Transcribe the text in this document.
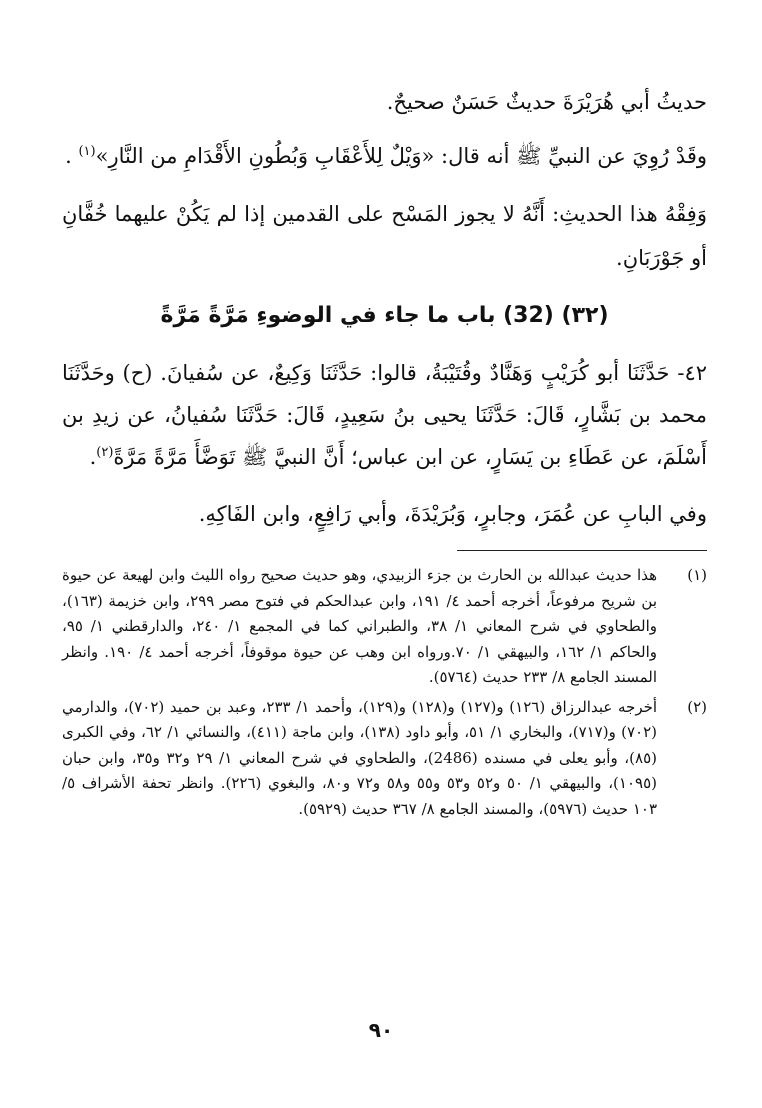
حديثُ أبي هُرَيْرَةَ حديثٌ حَسَنٌ صحيحٌ.

وقَدْ رُوِيَ عن النبيِّ ﷺ أنه قال: «وَيْلٌ لِلأَعْقَابِ وَبُطُونِ الأَقْدَامِ من النَّارِ»$^{(١)}$ .

وَفِقْهُ هذا الحديثِ: أَنَّهُ لا يجوز المَسْح على القدمين إذا لم يَكُنْ عليهما خُفَّانِ أو جَوْرَبَانِ.

(٣٢) (32) باب ما جاء في الوضوءِ مَرَّةً مَرَّةً

٤٢- حَدَّثَنَا أبو كُرَيْبٍ وَهَنَّادٌ وقُتَيْبَةُ، قالوا: حَدَّثَنَا وَكِيعٌ، عن سُفيانَ. (ح) وحَدَّثَنَا محمد بن بَشَّارٍ، قَالَ: حَدَّثَنَا يحيى بنُ سَعِيدٍ، قَالَ: حَدَّثَنَا سُفيانُ، عن زيدِ بن أَسْلَمَ، عن عَطَاءِ بن يَسَارٍ، عن ابن عباس؛ أَنَّ النبيَّ ﷺ تَوَضَّأَ مَرَّةً مَرَّةً$^{(٢)}$.

وفي البابِ عن عُمَرَ، وجابرٍ، وَبُرَيْدَةَ، وأبي رَافِعٍ، وابن الفَاكِهِ.

(١)
هذا حديث عبدالله بن الحارث بن جزء الزبيدي، وهو حديث صحيح رواه الليث وابن لهيعة عن حيوة بن شريح مرفوعاً، أخرجه أحمد ٤/ ١٩١، وابن عبدالحكم في فتوح مصر ٢٩٩، وابن خزيمة (١٦٣)، والطحاوي في شرح المعاني ١/ ٣٨، والطبراني كما في المجمع ١/ ٢٤٠، والدارقطني ١/ ٩٥، والحاكم ١/ ١٦٢، والبيهقي ١/ ٧٠.ورواه ابن وهب عن حيوة موقوفاً، أخرجه أحمد ٤/ ١٩٠. وانظر المسند الجامع ٨/ ٢٣٣ حديث (٥٧٦٤).
(٢)
أخرجه عبدالرزاق (١٢٦) و(١٢٧) و(١٢٨) و(١٢٩)، وأحمد ١/ ٢٣٣، وعبد بن حميد (٧٠٢)، والدارمي (٧٠٢) و(٧١٧)، والبخاري ١/ ٥١، وأبو داود (١٣٨)، وابن ماجة (٤١١)، والنسائي ١/ ٦٢، وفي الكبرى (٨٥)، وأبو يعلى في مسنده (2486)، والطحاوي في شرح المعاني ١/ ٢٩ و٣٢ و٣٥، وابن حبان (١٠٩٥)، والبيهقي ١/ ٥٠ و٥٢ و٥٣ و٥٥ و٥٨ و٧٢ و٨٠، والبغوي (٢٢٦). وانظر تحفة الأشراف ٥/ ١٠٣ حديث (٥٩٧٦)، والمسند الجامع ٨/ ٣٦٧ حديث (٥٩٢٩).
٩٠
